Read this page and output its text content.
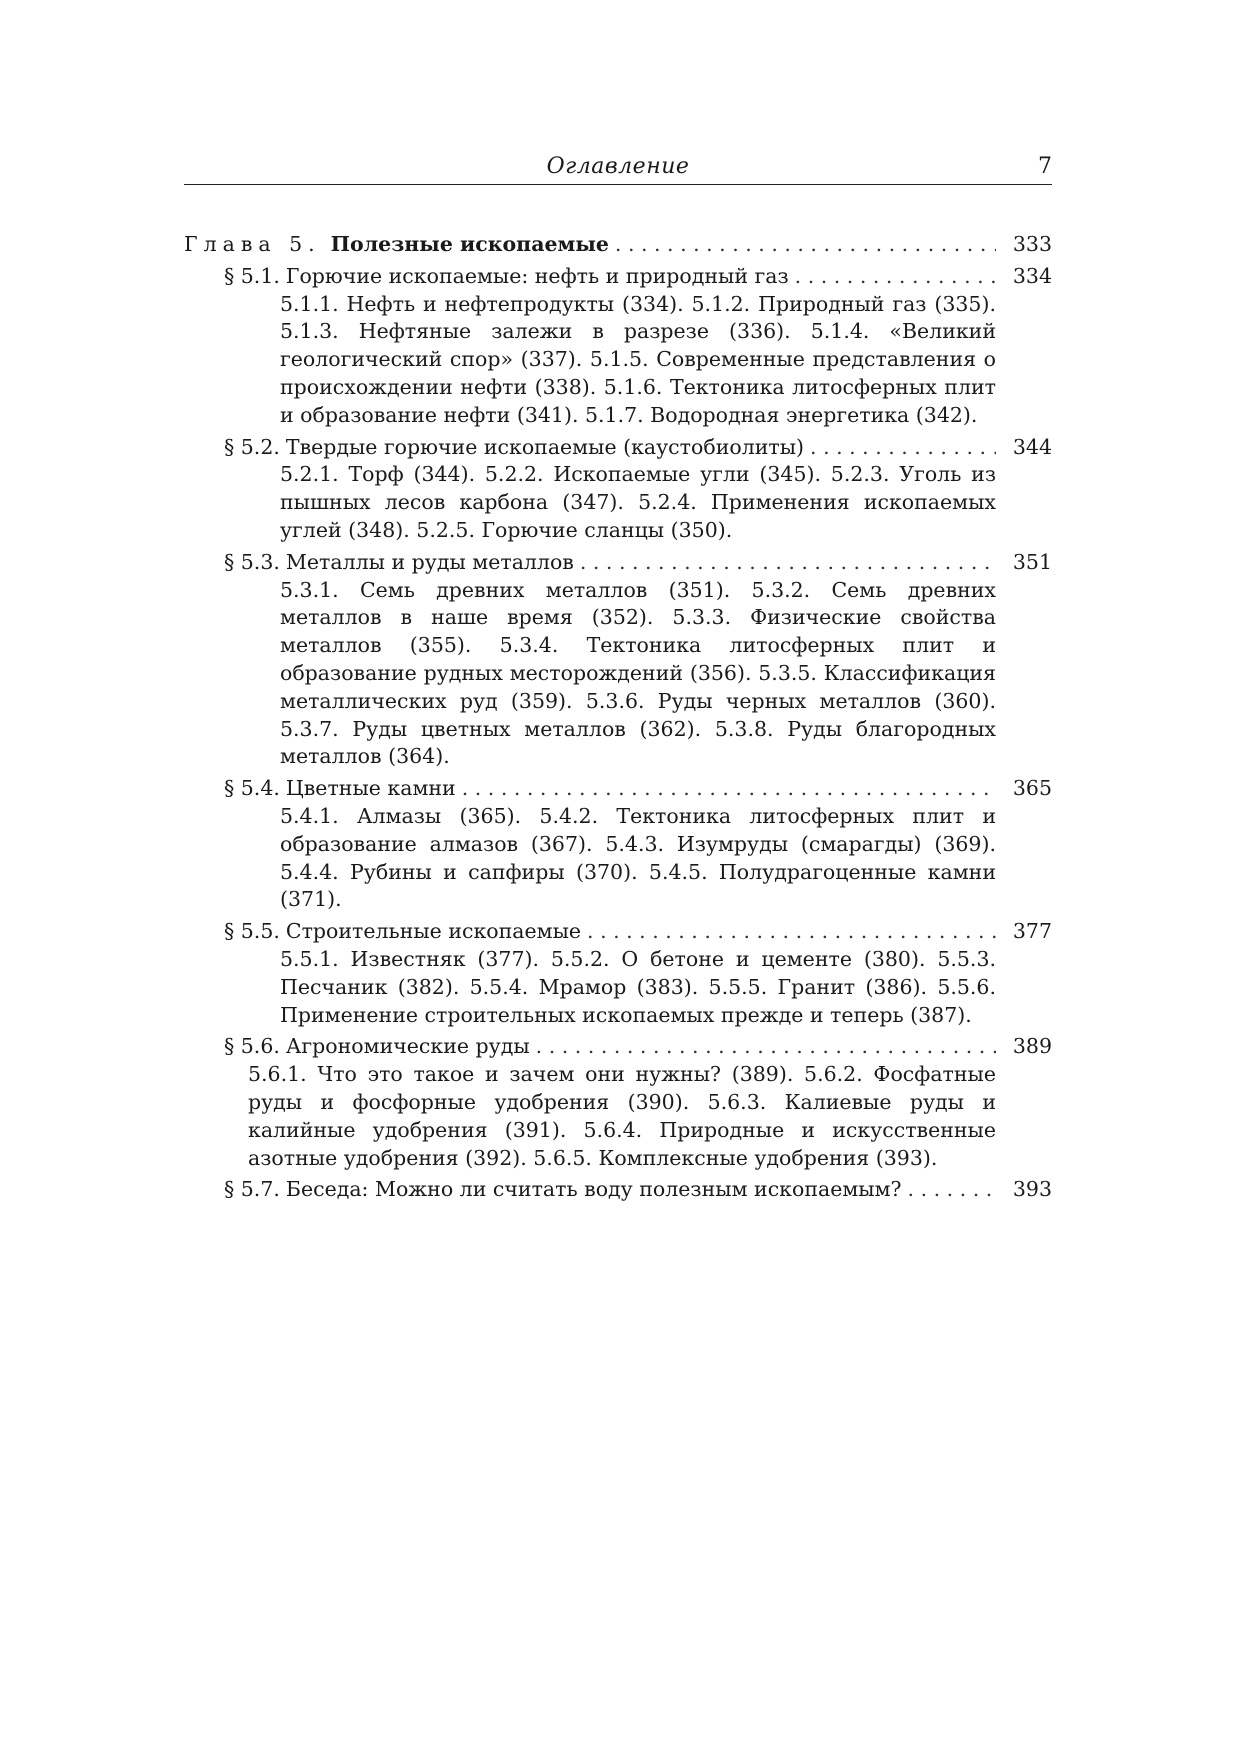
Оглавление	7
Глава 5. Полезные ископаемые . . .	333
§ 5.1. Горючие ископаемые: нефть и природный газ . . .	334
5.1.1. Нефть и нефтепродукты (334). 5.1.2. Природный газ (335). 5.1.3. Нефтяные залежи в разрезе (336). 5.1.4. «Великий геологический спор» (337). 5.1.5. Современные представления о происхождении нефти (338). 5.1.6. Тектоника литосферных плит и образование нефти (341). 5.1.7. Водородная энергетика (342).
§ 5.2. Твердые горючие ископаемые (каустобиолиты) . . .	344
5.2.1. Торф (344). 5.2.2. Ископаемые угли (345). 5.2.3. Уголь из пышных лесов карбона (347). 5.2.4. Применения ископаемых углей (348). 5.2.5. Горючие сланцы (350).
§ 5.3. Металлы и руды металлов . . .	351
5.3.1. Семь древних металлов (351). 5.3.2. Семь древних металлов в наше время (352). 5.3.3. Физические свойства металлов (355). 5.3.4. Тектоника литосферных плит и образование рудных месторождений (356). 5.3.5. Классификация металлических руд (359). 5.3.6. Руды черных металлов (360). 5.3.7. Руды цветных металлов (362). 5.3.8. Руды благородных металлов (364).
§ 5.4. Цветные камни . . .	365
5.4.1. Алмазы (365). 5.4.2. Тектоника литосферных плит и образование алмазов (367). 5.4.3. Изумруды (смарагды) (369). 5.4.4. Рубины и сапфиры (370). 5.4.5. Полудрагоценные камни (371).
§ 5.5. Строительные ископаемые . . .	377
5.5.1. Известняк (377). 5.5.2. О бетоне и цементе (380). 5.5.3. Песчаник (382). 5.5.4. Мрамор (383). 5.5.5. Гранит (386). 5.5.6. Применение строительных ископаемых прежде и теперь (387).
§ 5.6. Агрономические руды . . .	389
5.6.1. Что это такое и зачем они нужны? (389). 5.6.2. Фосфатные руды и фосфорные удобрения (390). 5.6.3. Калиевые руды и калийные удобрения (391). 5.6.4. Природные и искусственные азотные удобрения (392). 5.6.5. Комплексные удобрения (393).
§ 5.7. Беседа: Можно ли считать воду полезным ископаемым? . . .	393
